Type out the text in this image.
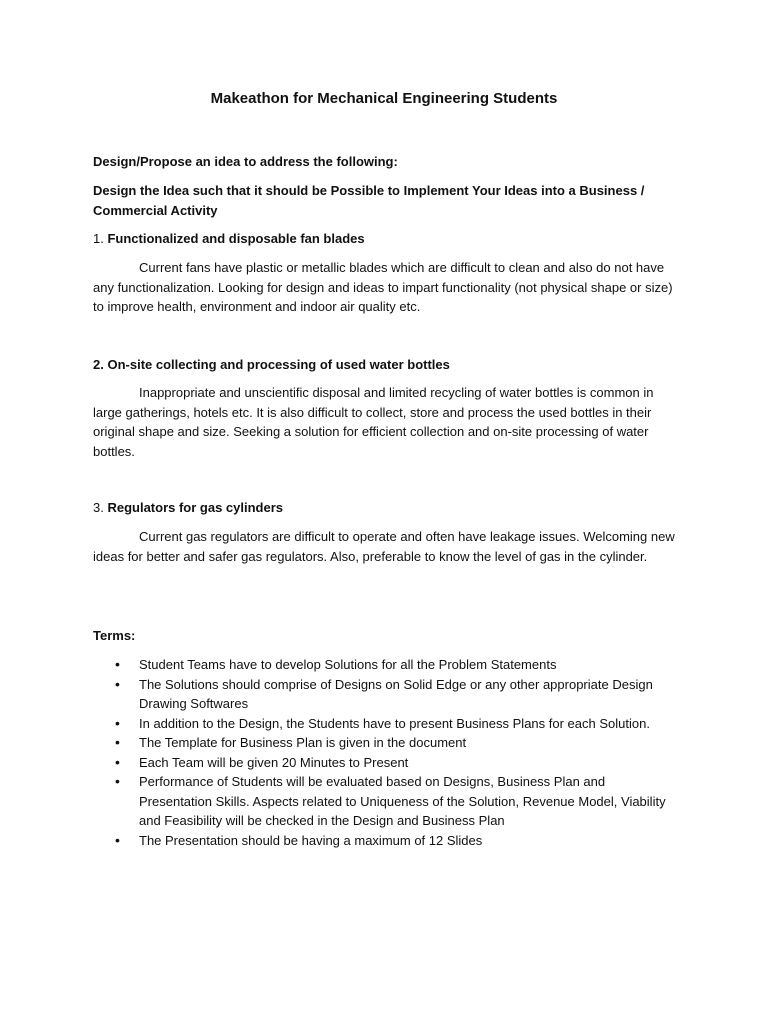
Makeathon for Mechanical Engineering Students
Design/Propose an idea to address the following:
Design the Idea such that it should be Possible to Implement Your Ideas into a Business / Commercial Activity
1. Functionalized and disposable fan blades
Current fans have plastic or metallic blades which are difficult to clean and also do not have any functionalization. Looking for design and ideas to impart functionality (not physical shape or size) to improve health, environment and indoor air quality etc.
2. On-site collecting and processing of used water bottles
Inappropriate and unscientific disposal and limited recycling of water bottles is common in large gatherings, hotels etc. It is also difficult to collect, store and process the used bottles in their original shape and size. Seeking a solution for efficient collection and on-site processing of water bottles.
3. Regulators for gas cylinders
Current gas regulators are difficult to operate and often have leakage issues. Welcoming new ideas for better and safer gas regulators. Also, preferable to know the level of gas in the cylinder.
Terms:
• Student Teams have to develop Solutions for all the Problem Statements
• The Solutions should comprise of Designs on Solid Edge or any other appropriate Design Drawing Softwares
• In addition to the Design, the Students have to present Business Plans for each Solution.
• The Template for Business Plan is given in the document
• Each Team will be given 20 Minutes to Present
• Performance of Students will be evaluated based on Designs, Business Plan and Presentation Skills. Aspects related to Uniqueness of the Solution, Revenue Model, Viability and Feasibility will be checked in the Design and Business Plan
• The Presentation should be having a maximum of 12 Slides
